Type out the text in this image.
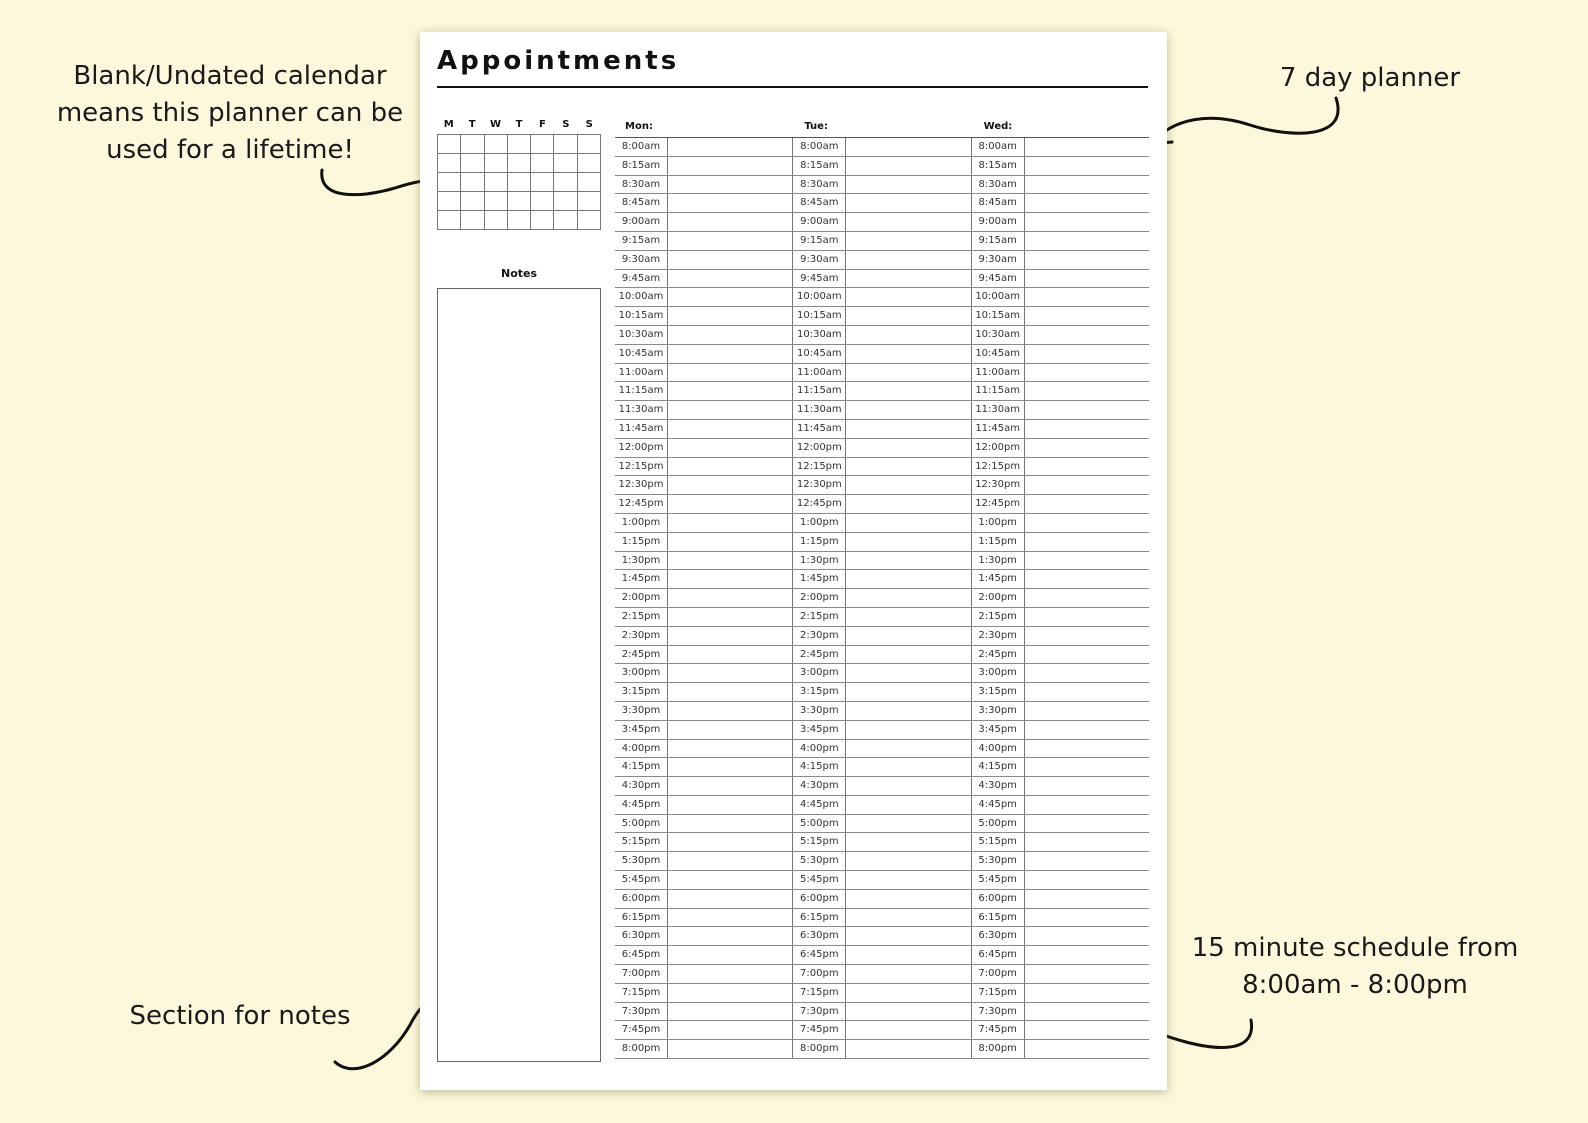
Blank/Undated calendar
means this planner can be
used for a lifetime!
7 day planner
15 minute schedule from
8:00am - 8:00pm
Section for notes
Appointments
M	T	W	T	F	S	S
Notes
Mon:	Tue:	Wed:
8:00am	8:00am	8:00am
8:15am	8:15am	8:15am
8:30am	8:30am	8:30am
8:45am	8:45am	8:45am
9:00am	9:00am	9:00am
9:15am	9:15am	9:15am
9:30am	9:30am	9:30am
9:45am	9:45am	9:45am
10:00am	10:00am	10:00am
10:15am	10:15am	10:15am
10:30am	10:30am	10:30am
10:45am	10:45am	10:45am
11:00am	11:00am	11:00am
11:15am	11:15am	11:15am
11:30am	11:30am	11:30am
11:45am	11:45am	11:45am
12:00pm	12:00pm	12:00pm
12:15pm	12:15pm	12:15pm
12:30pm	12:30pm	12:30pm
12:45pm	12:45pm	12:45pm
1:00pm	1:00pm	1:00pm
1:15pm	1:15pm	1:15pm
1:30pm	1:30pm	1:30pm
1:45pm	1:45pm	1:45pm
2:00pm	2:00pm	2:00pm
2:15pm	2:15pm	2:15pm
2:30pm	2:30pm	2:30pm
2:45pm	2:45pm	2:45pm
3:00pm	3:00pm	3:00pm
3:15pm	3:15pm	3:15pm
3:30pm	3:30pm	3:30pm
3:45pm	3:45pm	3:45pm
4:00pm	4:00pm	4:00pm
4:15pm	4:15pm	4:15pm
4:30pm	4:30pm	4:30pm
4:45pm	4:45pm	4:45pm
5:00pm	5:00pm	5:00pm
5:15pm	5:15pm	5:15pm
5:30pm	5:30pm	5:30pm
5:45pm	5:45pm	5:45pm
6:00pm	6:00pm	6:00pm
6:15pm	6:15pm	6:15pm
6:30pm	6:30pm	6:30pm
6:45pm	6:45pm	6:45pm
7:00pm	7:00pm	7:00pm
7:15pm	7:15pm	7:15pm
7:30pm	7:30pm	7:30pm
7:45pm	7:45pm	7:45pm
8:00pm	8:00pm	8:00pm
